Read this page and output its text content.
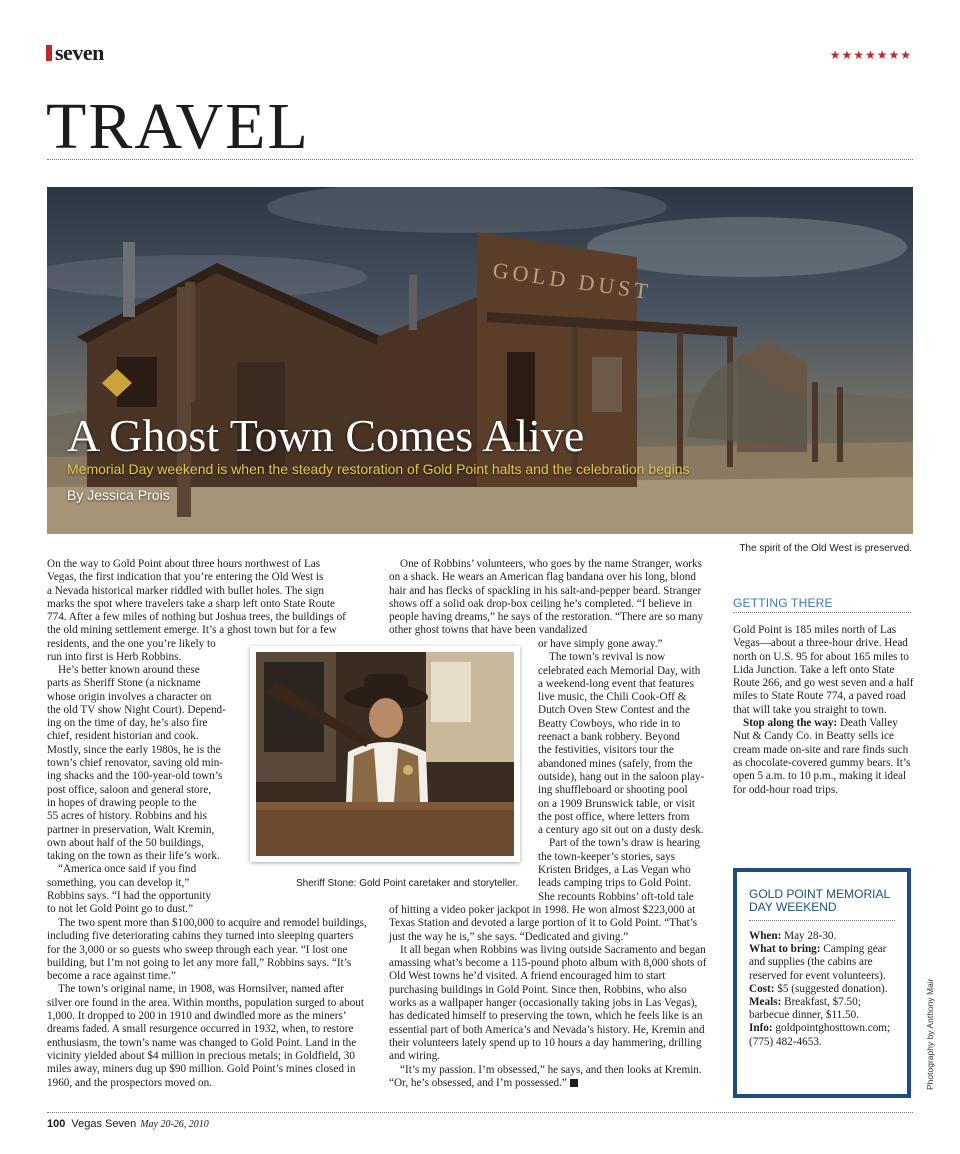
seven	★★★★★★★
TRAVEL
GOLD DUST
A Ghost Town Comes Alive
Memorial Day weekend is when the steady restoration of Gold Point halts and the celebration begins
By Jessica Prois
The spirit of the Old West is preserved.
On the way to Gold Point about three hours northwest of Las
Vegas, the first indication that you’re entering the Old West is
a Nevada historical marker riddled with bullet holes. The sign
marks the spot where travelers take a sharp left onto State Route
774. After a few miles of nothing but Joshua trees, the buildings of
the old mining settlement emerge. It’s a ghost town but for a few
residents, and the one you’re likely to
run into first is Herb Robbins.
He’s better known around these
parts as Sheriff Stone (a nickname
whose origin involves a character on
the old TV show Night Court). Depend-
ing on the time of day, he’s also fire
chief, resident historian and cook.
Mostly, since the early 1980s, he is the
town’s chief renovator, saving old min-
ing shacks and the 100-year-old town’s
post office, saloon and general store,
in hopes of drawing people to the
55 acres of history. Robbins and his
partner in preservation, Walt Kremin,
own about half of the 50 buildings,
taking on the town as their life’s work.
“America once said if you find
something, you can develop it,”
Robbins says. “I had the opportunity
to not let Gold Point go to dust.”

The two spent more than $100,000 to acquire and remodel buildings, including five deteriorating cabins they turned into sleeping quarters for the 3,000 or so guests who sweep through each year. “I lost one building, but I’m not going to let any more fall,” Robbins says. “It’s become a race against time.”

The town’s original name, in 1908, was Hornsilver, named after silver ore found in the area. Within months, population surged to about 1,000. It dropped to 200 in 1910 and dwindled more as the miners’ dreams faded. A small resurgence occurred in 1932, when, to restore enthusiasm, the town’s name was changed to Gold Point. Land in the vicinity yielded about $4 million in precious metals; in Goldfield, 30 miles away, miners dug up $90 million. Gold Point’s mines closed in 1960, and the prospectors moved on.

One of Robbins’ volunteers, who goes by the name Stranger, works on a shack. He wears an American flag bandana over his long, blond hair and has flecks of spackling in his salt-and-pepper beard. Stranger shows off a solid oak drop-box ceiling he’s completed. “I believe in people having dreams,” he says of the restoration. “There are so many other ghost towns that have been vandalized

or have simply gone away.”
The town’s revival is now
celebrated each Memorial Day, with
a weekend-long event that features
live music, the Chili Cook-Off &
Dutch Oven Stew Contest and the
Beatty Cowboys, who ride in to
reenact a bank robbery. Beyond
the festivities, visitors tour the
abandoned mines (safely, from the
outside), hang out in the saloon play-
ing shuffleboard or shooting pool
on a 1909 Brunswick table, or visit
the post office, where letters from
a century ago sit out on a dusty desk.
Part of the town’s draw is hearing
the town-keeper’s stories, says
Kristen Bridges, a Las Vegan who
leads camping trips to Gold Point.
She recounts Robbins’ oft-told tale

of hitting a video poker jackpot in 1998. He won almost $223,000 at Texas Station and devoted a large portion of it to Gold Point. “That’s just the way he is,” she says. “Dedicated and giving.”

It all began when Robbins was living outside Sacramento and began amassing what’s become a 115-pound photo album with 8,000 shots of Old West towns he’d visited. A friend encouraged him to start purchasing buildings in Gold Point. Since then, Robbins, who also works as a wallpaper hanger (occasionally taking jobs in Las Vegas), has dedicated himself to preserving the town, which he feels like is an essential part of both America’s and Nevada’s history. He, Kremin and their volunteers lately spend up to 10 hours a day hammering, drilling and wiring.

“It’s my passion. I’m obsessed,” he says, and then looks at Kremin. “Or, he’s obsessed, and I’m possessed.”

Sheriff Stone: Gold Point caretaker and storyteller.
GETTING THERE

Gold Point is 185 miles north of Las Vegas—about a three-hour drive. Head north on U.S. 95 for about 165 miles to Lida Junction. Take a left onto State Route 266, and go west seven and a half miles to State Route 774, a paved road that will take you straight to town.

Stop along the way: Death Valley Nut & Candy Co. in Beatty sells ice cream made on-site and rare finds such as chocolate-covered gummy bears. It’s open 5 a.m. to 10 p.m., making it ideal for odd-hour road trips.

GOLD POINT MEMORIAL DAY WEEKEND
When: May 28-30.
What to bring: Camping gear and supplies (the cabins are reserved for event volunteers).
Cost: $5 (suggested donation).
Meals: Breakfast, $7.50; barbecue dinner, $11.50.
Info: goldpointghosttown.com; (775) 482-4653.	Photography by Anthony Mair
100 Vegas Seven May 20-26, 2010
